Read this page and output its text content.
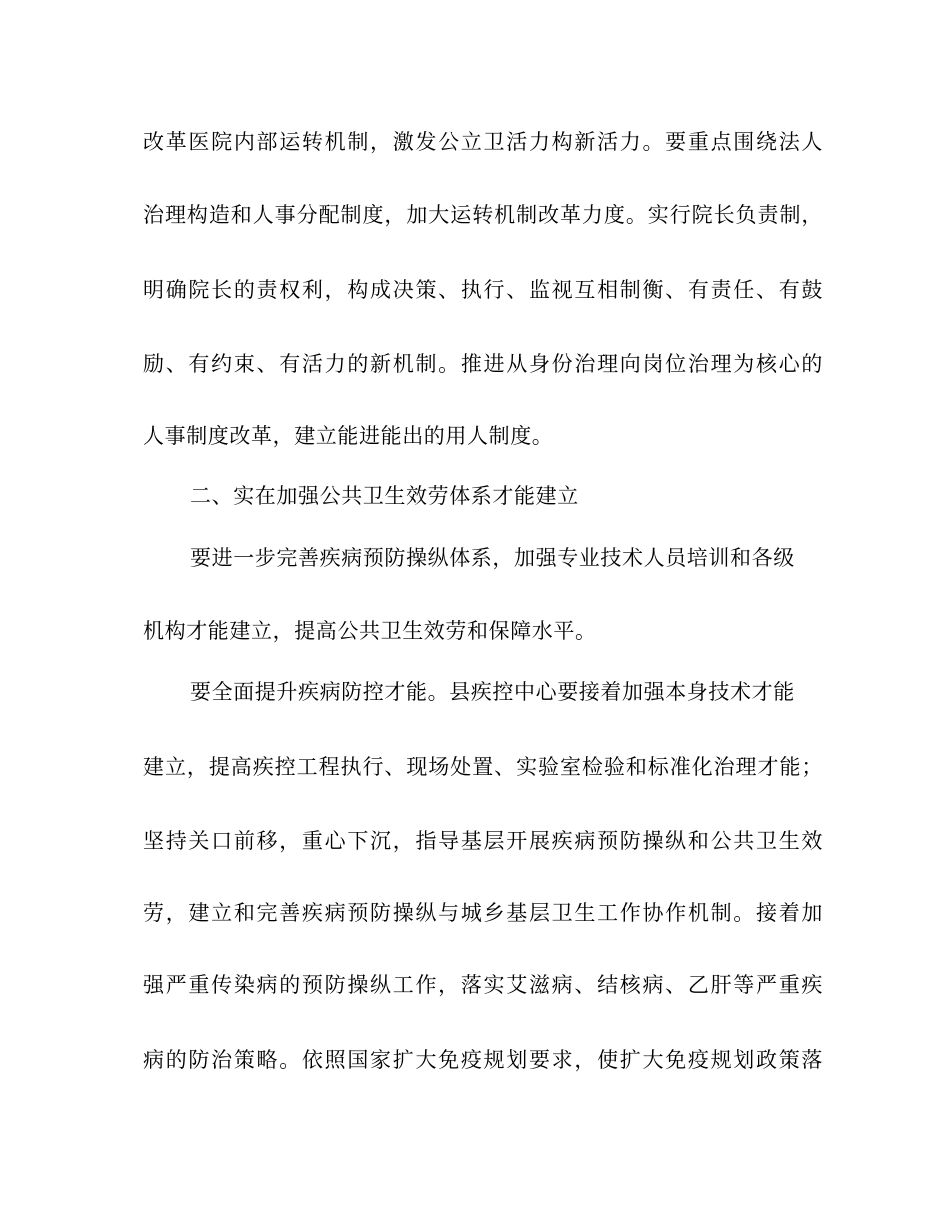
改革医院内部运转机制，激发公立卫活力构新活力。要重点围绕法人
治理构造和人事分配制度，加大运转机制改革力度。实行院长负责制，
明确院长的责权利，构成决策、执行、监视互相制衡、有责任、有鼓
励、有约束、有活力的新机制。推进从身份治理向岗位治理为核心的
人事制度改革，建立能进能出的用人制度。
二、实在加强公共卫生效劳体系才能建立
要进一步完善疾病预防操纵体系，加强专业技术人员培训和各级
机构才能建立，提高公共卫生效劳和保障水平。
要全面提升疾病防控才能。县疾控中心要接着加强本身技术才能
建立，提高疾控工程执行、现场处置、实验室检验和标准化治理才能；
坚持关口前移，重心下沉，指导基层开展疾病预防操纵和公共卫生效
劳，建立和完善疾病预防操纵与城乡基层卫生工作协作机制。接着加
强严重传染病的预防操纵工作，落实艾滋病、结核病、乙肝等严重疾
病的防治策略。依照国家扩大免疫规划要求，使扩大免疫规划政策落
